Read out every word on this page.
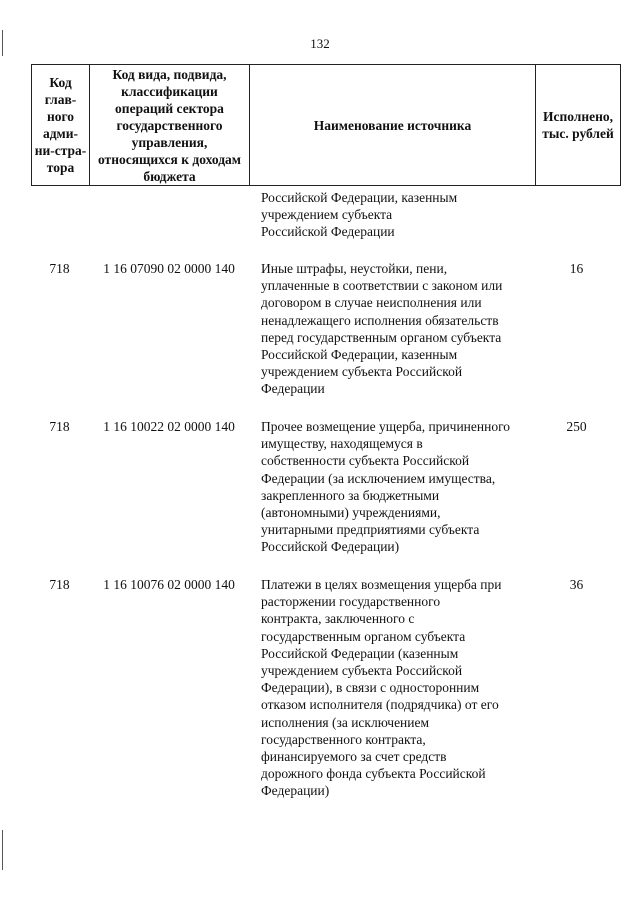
132
Код глав-ного адми-ни-стра-тора	Код вида, подвида, классификации операций сектора государственного управления, относящихся к доходам бюджета	Наименование источника	Исполнено, тыс. рублей
Российской Федерации, казенным
учреждением субъекта
Российской Федерации
718	1 16 07090 02 0000 140	Иные штрафы, неустойки, пени,
уплаченные в соответствии с законом или
договором в случае неисполнения или
ненадлежащего исполнения обязательств
перед государственным органом субъекта
Российской Федерации, казенным
учреждением субъекта Российской
Федерации
16
718	1 16 10022 02 0000 140	Прочее возмещение ущерба, причиненного
имуществу, находящемуся в
собственности субъекта Российской
Федерации (за исключением имущества,
закрепленного за бюджетными
(автономными) учреждениями,
унитарными предприятиями субъекта
Российской Федерации)
250
718	1 16 10076 02 0000 140	Платежи в целях возмещения ущерба при
расторжении государственного
контракта, заключенного с
государственным органом субъекта
Российской Федерации (казенным
учреждением субъекта Российской
Федерации), в связи с односторонним
отказом исполнителя (подрядчика) от его
исполнения (за исключением
государственного контракта,
финансируемого за счет средств
дорожного фонда субъекта Российской
Федерации)
36
